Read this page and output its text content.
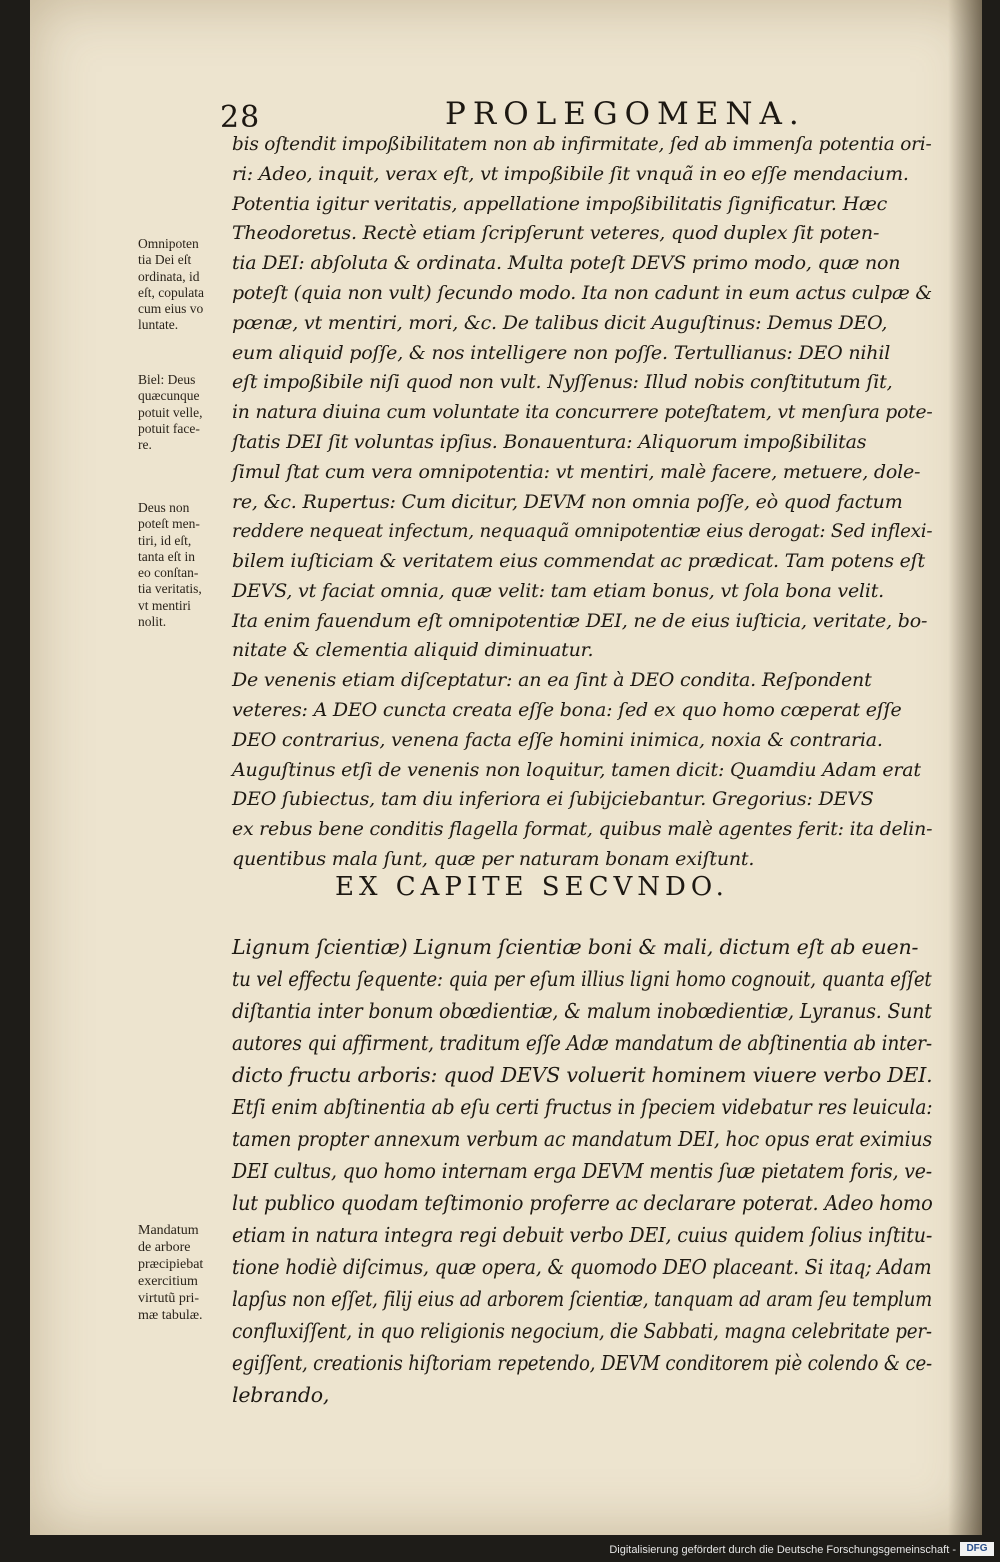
28	PROLEGOMENA.
bis oſtendit impoßibilitatem non ab infirmitate, ſed ab immenſa potentia ori-
ri: Adeo, inquit, verax eſt, vt impoßibile ſit vnquã in eo eſſe mendacium.
Potentia igitur veritatis, appellatione impoßibilitatis ſignificatur. Hæc
Theodoretus. Rectè etiam ſcripſerunt veteres, quod duplex ſit poten-
tia DEI: abſoluta & ordinata. Multa poteſt DEVS primo modo, quæ non
poteſt (quia non vult) ſecundo modo. Ita non cadunt in eum actus culpæ &
pœnæ, vt mentiri, mori, &c. De talibus dicit Auguſtinus: Demus DEO,
eum aliquid poſſe, & nos intelligere non poſſe. Tertullianus: DEO nihil
eſt impoßibile niſi quod non vult. Nyſſenus: Illud nobis conſtitutum ſit,
in natura diuina cum voluntate ita concurrere poteſtatem, vt menſura pote-
ſtatis DEI ſit voluntas ipſius. Bonauentura: Aliquorum impoßibilitas
ſimul ſtat cum vera omnipotentia: vt mentiri, malè facere, metuere, dole-
re, &c. Rupertus: Cum dicitur, DEVM non omnia poſſe, eò quod factum
reddere nequeat infectum, nequaquã omnipotentiæ eius derogat: Sed inflexi-
bilem iuſticiam & veritatem eius commendat ac prædicat. Tam potens eſt
DEVS, vt faciat omnia, quæ velit: tam etiam bonus, vt ſola bona velit.
Ita enim fauendum eſt omnipotentiæ DEI, ne de eius iuſticia, veritate, bo-
nitate & clementia aliquid diminuatur.
De venenis etiam diſceptatur: an ea ſint à DEO condita. Reſpondent
veteres: A DEO cuncta creata eſſe bona: ſed ex quo homo cœperat eſſe
DEO contrarius, venena facta eſſe homini inimica, noxia & contraria.
Auguſtinus etſi de venenis non loquitur, tamen dicit: Quamdiu Adam erat
DEO ſubiectus, tam diu inferiora ei ſubijciebantur. Gregorius: DEVS
ex rebus bene conditis flagella format, quibus malè agentes ferit: ita delin-
quentibus mala ſunt, quæ per naturam bonam exiſtunt.
EX CAPITE SECVNDO.
Lignum ſcientiæ) Lignum ſcientiæ boni & mali, dictum eſt ab euen-
tu vel effectu ſequente: quia per eſum illius ligni homo cognouit, quanta eſſet
diſtantia inter bonum obœdientiæ, & malum inobœdientiæ, Lyranus. Sunt
autores qui affirment, traditum eſſe Adæ mandatum de abſtinentia ab inter-
dicto fructu arboris: quod DEVS voluerit hominem viuere verbo DEI.
Etſi enim abſtinentia ab eſu certi fructus in ſpeciem videbatur res leuicula:
tamen propter annexum verbum ac mandatum DEI, hoc opus erat eximius
DEI cultus, quo homo internam erga DEVM mentis ſuæ pietatem foris, ve-
lut publico quodam teſtimonio proferre ac declarare poterat. Adeo homo
etiam in natura integra regi debuit verbo DEI, cuius quidem ſolius inſtitu-
tione hodiè diſcimus, quæ opera, & quomodo DEO placeant. Si itaq; Adam
lapſus non eſſet, filij eius ad arborem ſcientiæ, tanquam ad aram ſeu templum
confluxiſſent, in quo religionis negocium, die Sabbati, magna celebritate per-
egiſſent, creationis hiſtoriam repetendo, DEVM conditorem piè colendo & ce-
lebrando,
Omnipoten
tia Dei eſt
ordinata, id
eſt, copulata
cum eius vo
luntate.
Biel: Deus
quæcunque
potuit velle,
potuit face-
re.
Deus non
poteſt men-
tiri, id eſt,
tanta eſt in
eo conſtan-
tia veritatis,
vt mentiri
nolit.
Mandatum
de arbore
præcipiebat
exercitium
virtutũ pri-
mæ tabulæ.
Digitalisierung gefördert durch die Deutsche Forschungsgemeinschaft -	DFG
